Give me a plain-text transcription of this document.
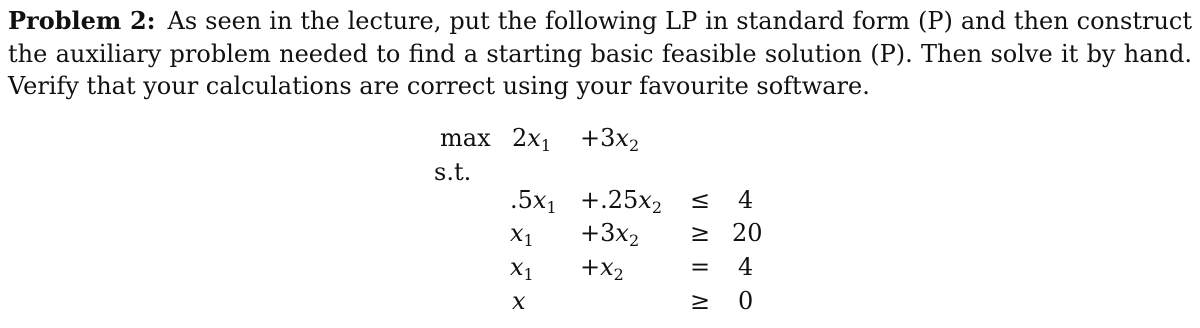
Problem 2: As seen in the lecture, put the following LP in standard form (P) and then construct the auxiliary problem needed to find a starting basic feasible solution (P). Then solve it by hand. Verify that your calculations are correct using your favourite software.
$\max 2x_1 +3x_2$
s.t.
$.5x_1 +.25x_2 \le 4$
$x_1 +3x_2 \ge 20$
$x_1 +x_2$	= 4
x	≥ 0
